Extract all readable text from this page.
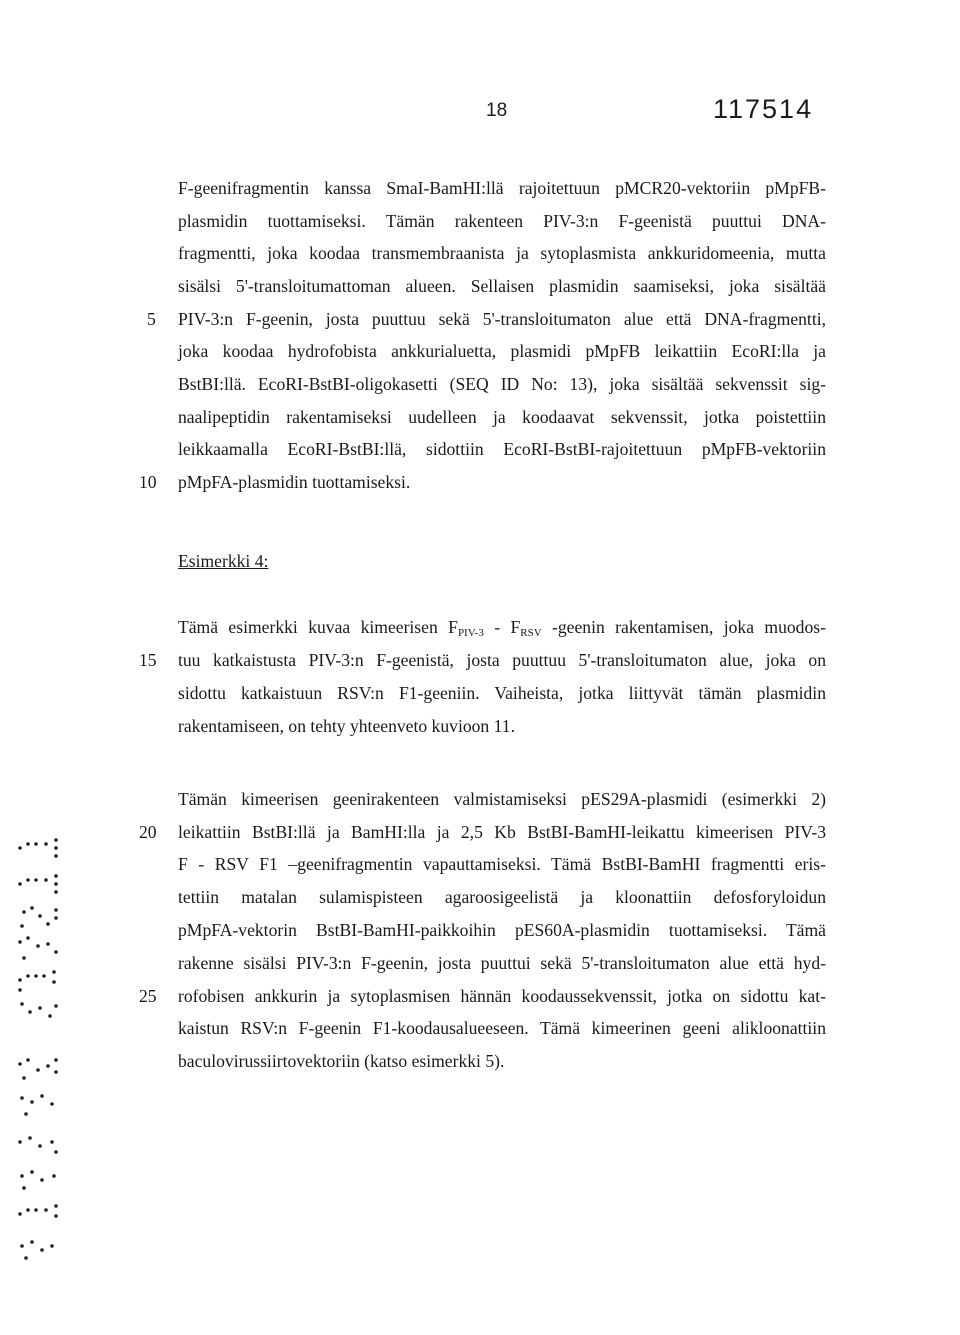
18	117514
F-geenifragmentin kanssa SmaI-BamHI:llä rajoitettuun pMCR20-vektoriin pMpFB-
plasmidin tuottamiseksi. Tämän rakenteen PIV-3:n F-geenistä puuttui DNA-
fragmentti, joka koodaa transmembraanista ja sytoplasmista ankkuridomeenia, mutta
sisälsi 5'-transloitumattoman alueen. Sellaisen plasmidin saamiseksi, joka sisältää
PIV-3:n F-geenin, josta puuttuu sekä 5'-transloitumaton alue että DNA-fragmentti,
joka koodaa hydrofobista ankkurialuetta, plasmidi pMpFB leikattiin EcoRI:lla ja
BstBI:llä. EcoRI-BstBI-oligokasetti (SEQ ID No: 13), joka sisältää sekvenssit sig-
naalipeptidin rakentamiseksi uudelleen ja koodaavat sekvenssit, jotka poistettiin
leikkaamalla EcoRI-BstBI:llä, sidottiin EcoRI-BstBI-rajoitettuun pMpFB-vektoriin
pMpFA-plasmidin tuottamiseksi.
Esimerkki 4:
Tämä esimerkki kuvaa kimeerisen $F_{PIV-3} - F_{RSV}$ -geenin rakentamisen, joka muodos-
tuu katkaistusta PIV-3:n F-geenistä, josta puuttuu 5'-transloitumaton alue, joka on
sidottu katkaistuun RSV:n F1-geeniin. Vaiheista, jotka liittyvät tämän plasmidin
rakentamiseen, on tehty yhteenveto kuvioon 11.
Tämän kimeerisen geenirakenteen valmistamiseksi pES29A-plasmidi (esimerkki 2)
leikattiin BstBI:llä ja BamHI:lla ja 2,5 Kb BstBI-BamHI-leikattu kimeerisen PIV-3
F - RSV F1 –geenifragmentin vapauttamiseksi. Tämä BstBI-BamHI fragmentti eris-
tettiin matalan sulamispisteen agaroosigeelistä ja kloonattiin defosforyloidun
pMpFA-vektorin BstBI-BamHI-paikkoihin pES60A-plasmidin tuottamiseksi. Tämä
rakenne sisälsi PIV-3:n F-geenin, josta puuttui sekä 5'-transloitumaton alue että hyd-
rofobisen ankkurin ja sytoplasmisen hännän koodaussekvenssit, jotka on sidottu kat-
kaistun RSV:n F-geenin F1-koodausalueeseen. Tämä kimeerinen geeni alikloonattiin
baculovirussiirtovektoriin (katso esimerkki 5).
5
10
15
20
25
